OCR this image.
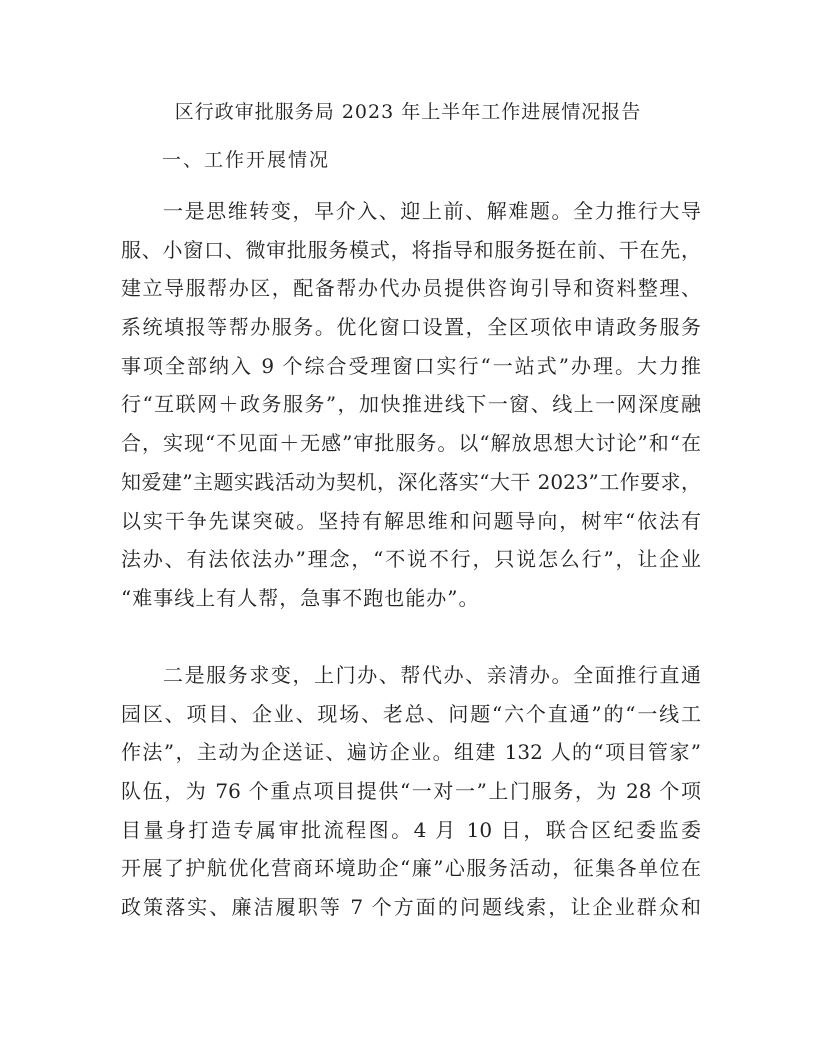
区行政审批服务局 2023 年上半年工作进展情况报告
一、工作开展情况
一是思维转变，早介入、迎上前、解难题。全力推行大导
服、小窗口、微审批服务模式，将指导和服务挺在前、干在先，
建立导服帮办区，配备帮办代办员提供咨询引导和资料整理、
系统填报等帮办服务。优化窗口设置，全区项依申请政务服务
事项全部纳入 9 个综合受理窗口实行“一站式”办理。大力推
行“互联网＋政务服务”，加快推进线下一窗、线上一网深度融
合，实现“不见面＋无感”审批服务。以“解放思想大讨论”和“在
知爱建”主题实践活动为契机，深化落实“大干 2023”工作要求，
以实干争先谋突破。坚持有解思维和问题导向，树牢“依法有
法办、有法依法办”理念，“不说不行，只说怎么行”，让企业
“难事线上有人帮，急事不跑也能办”。
二是服务求变，上门办、帮代办、亲清办。全面推行直通
园区、项目、企业、现场、老总、问题“六个直通”的“一线工
作法”，主动为企送证、遍访企业。组建 132 人的“项目管家”
队伍，为 76 个重点项目提供“一对一”上门服务，为 28 个项
目量身打造专属审批流程图。4 月 10 日，联合区纪委监委
开展了护航优化营商环境助企“廉”心服务活动，征集各单位在
政策落实、廉洁履职等 7 个方面的问题线索，让企业群众和
